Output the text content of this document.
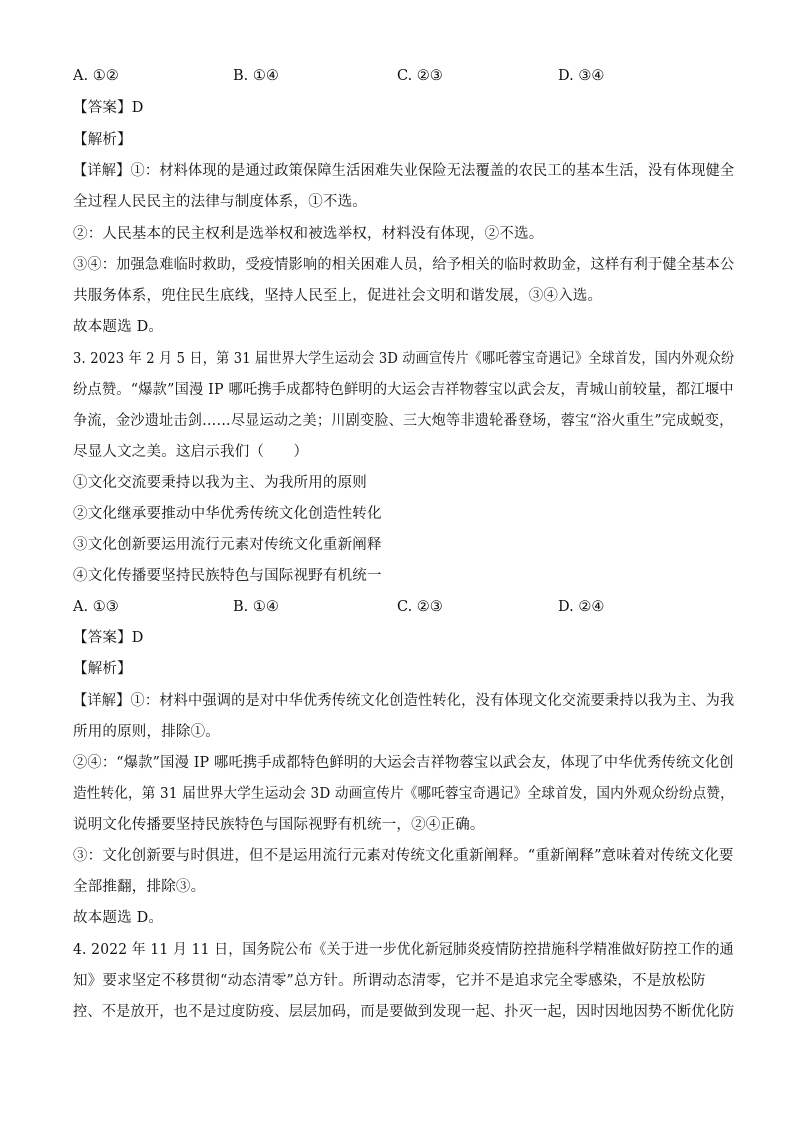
A. ①②	B. ①④	C. ②③	D. ③④
【答案】D
【解析】
【详解】①：材料体现的是通过政策保障生活困难失业保险无法覆盖的农民工的基本生活，没有体现健全
全过程人民民主的法律与制度体系，①不选。
②：人民基本的民主权利是选举权和被选举权，材料没有体现，②不选。
③④：加强急难临时救助，受疫情影响的相关困难人员，给予相关的临时救助金，这样有利于健全基本公
共服务体系，兜住民生底线，坚持人民至上，促进社会文明和谐发展，③④入选。
故本题选 D。
3. 2023 年 2 月 5 日，第 31 届世界大学生运动会 3D 动画宣传片《哪吒蓉宝奇遇记》全球首发，国内外观众纷
纷点赞。“爆款”国漫 IP 哪吒携手成都特色鲜明的大运会吉祥物蓉宝以武会友，青城山前较量，都江堰中
争流，金沙遗址击剑……尽显运动之美；川剧变脸、三大炮等非遗轮番登场，蓉宝“浴火重生”完成蜕变，
尽显人文之美。这启示我们（　　）
①文化交流要秉持以我为主、为我所用的原则
②文化继承要推动中华优秀传统文化创造性转化
③文化创新要运用流行元素对传统文化重新阐释
④文化传播要坚持民族特色与国际视野有机统一
A. ①③	B. ①④	C. ②③	D. ②④
【答案】D
【解析】
【详解】①：材料中强调的是对中华优秀传统文化创造性转化，没有体现文化交流要秉持以我为主、为我
所用的原则，排除①。
②④：“爆款”国漫 IP 哪吒携手成都特色鲜明的大运会吉祥物蓉宝以武会友，体现了中华优秀传统文化创
造性转化，第 31 届世界大学生运动会 3D 动画宣传片《哪吒蓉宝奇遇记》全球首发，国内外观众纷纷点赞，
说明文化传播要坚持民族特色与国际视野有机统一，②④正确。
③：文化创新要与时俱进，但不是运用流行元素对传统文化重新阐释。“重新阐释”意味着对传统文化要
全部推翻，排除③。
故本题选 D。
4. 2022 年 11 月 11 日，国务院公布《关于进一步优化新冠肺炎疫情防控措施科学精准做好防控工作的通
知》要求坚定不移贯彻“动态清零”总方针。所谓动态清零，它并不是追求完全零感染，不是放松防
控、不是放开，也不是过度防疫、层层加码，而是要做到发现一起、扑灭一起，因时因地因势不断优化防
